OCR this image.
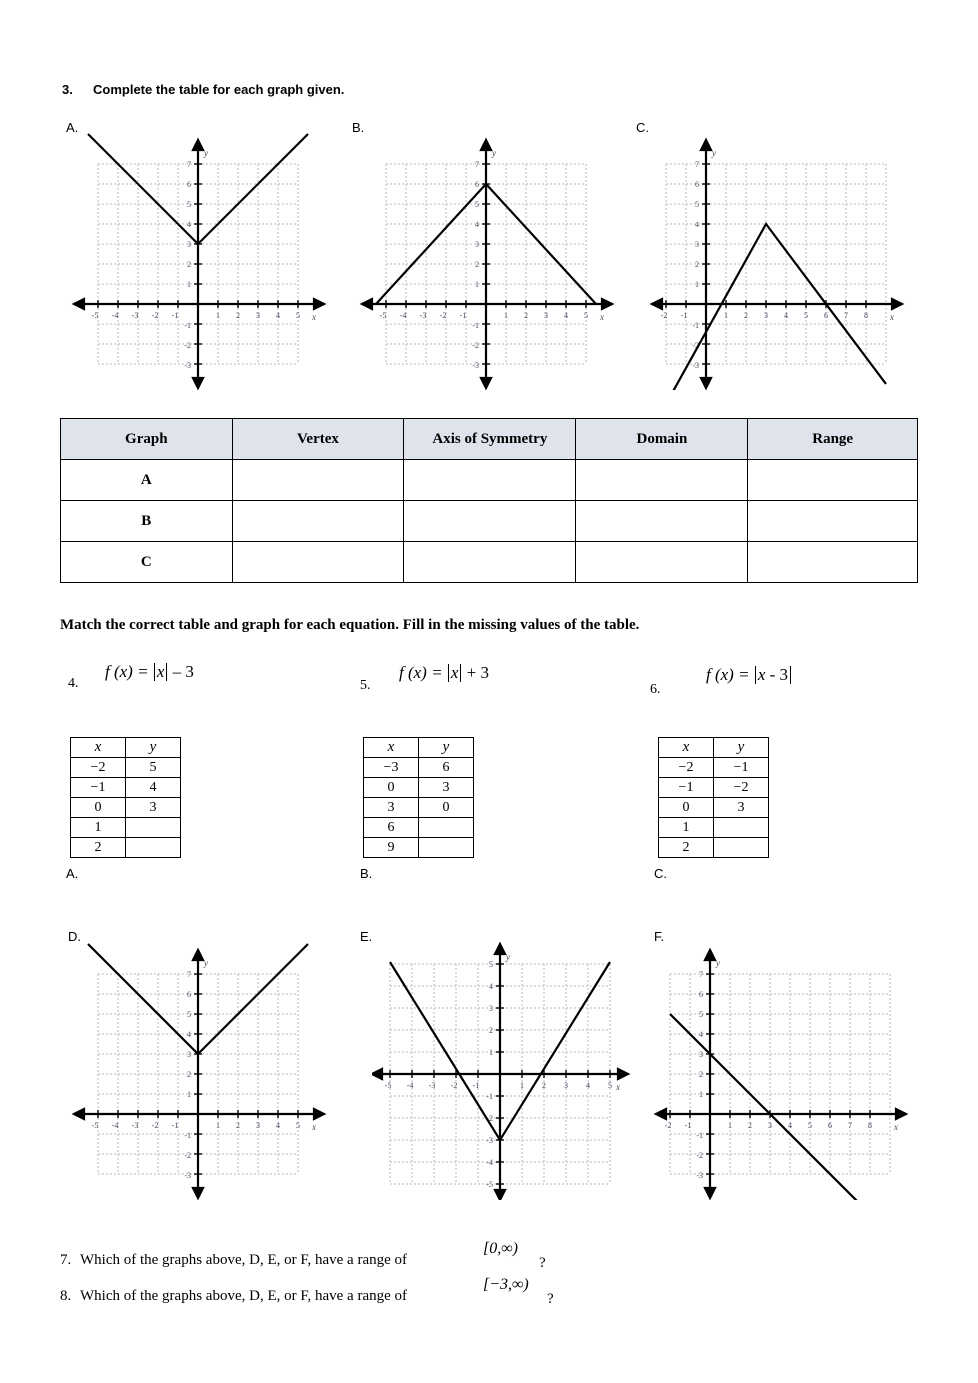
3. Complete the table for each graph given.
A.	B.	C.
-5 -4 -3 -2 -1	1 2 3 4 5
7
6
5
4
3
2
1
-1
-2
-3
x
y
-5 -4 -3 -2 -1	1 2 3 4 5
7
6
5
4
3
2
1
-1
-2
-3
x
y
-2 -1	1 2 3 4 5 6 7 8
7
6
5
4
3
2
1
-1
-2
-3
x
y
Graph	Vertex	Axis of Symmetry	Domain	Range
A				
B				
C				
Match the correct table and graph for each equation. Fill in the missing values of the table.
4.
f (x) = x – 3
5.
f (x) = x + 3
6.
f (x) = x - 3
x	y
−2	5
−1	4
0	3
1	
2	
A.
x	y
−3	6
0	3
3	0
6	
9	
B.
x	y
−2	−1
−1	−2
0	3
1	
2	
C.
D.	E.	F.
-5 -4 -3 -2 -1	1 2 3 4 5
7
6
5
4
3
2
1
-1
-2
-3
x
y
-5 -4 -3 -2 -1	1 2 3 4 5
5
4
3
2
1
-1
-2
-3
-4
-5
x
y
-2 -1	1 2 3 4 5 6 7 8
7
6
5
4
3
2
1
-1
-2
-3
x
y
7. Which of the graphs above, D, E, or F, have a range of
[0,∞)
?
8. Which of the graphs above, D, E, or F, have a range of
[−3,∞)
?
